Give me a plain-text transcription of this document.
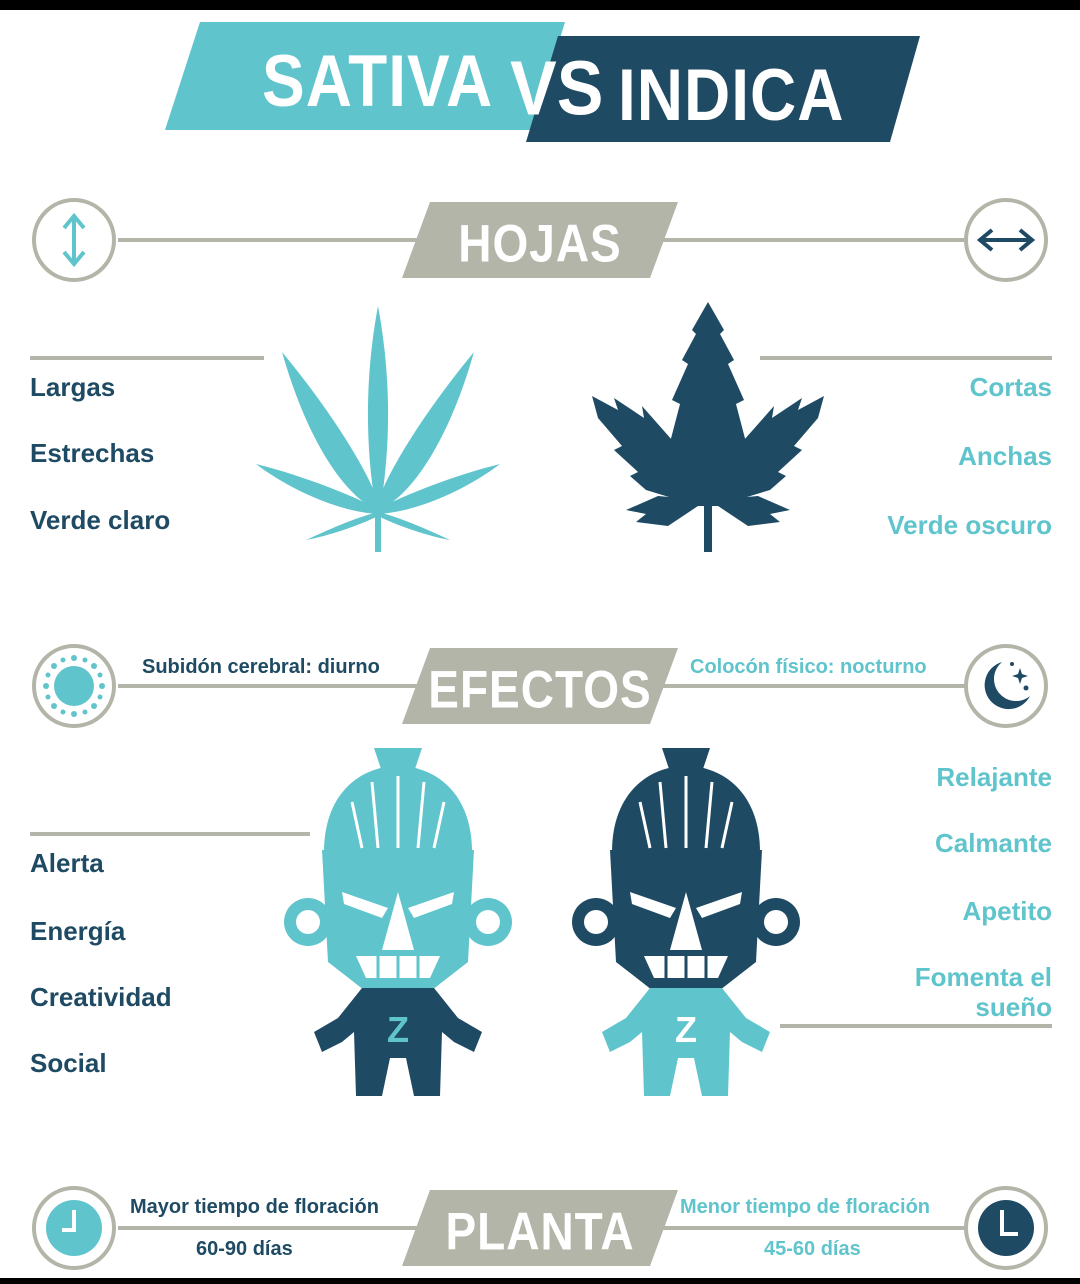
SATIVA VS INDICA
HOJAS
Largas
Estrechas
Verde claro
Cortas
Anchas
Verde oscuro
EFECTOS
Subidón cerebral: diurno	Colocón físico: nocturno
Alerta
Energía
Creatividad
Social
Relajante
Calmante
Apetito
Fomenta el
sueño
Z	Z
PLANTA
Mayor tiempo de floración
60-90 días
Menor tiempo de floración
45-60 días
